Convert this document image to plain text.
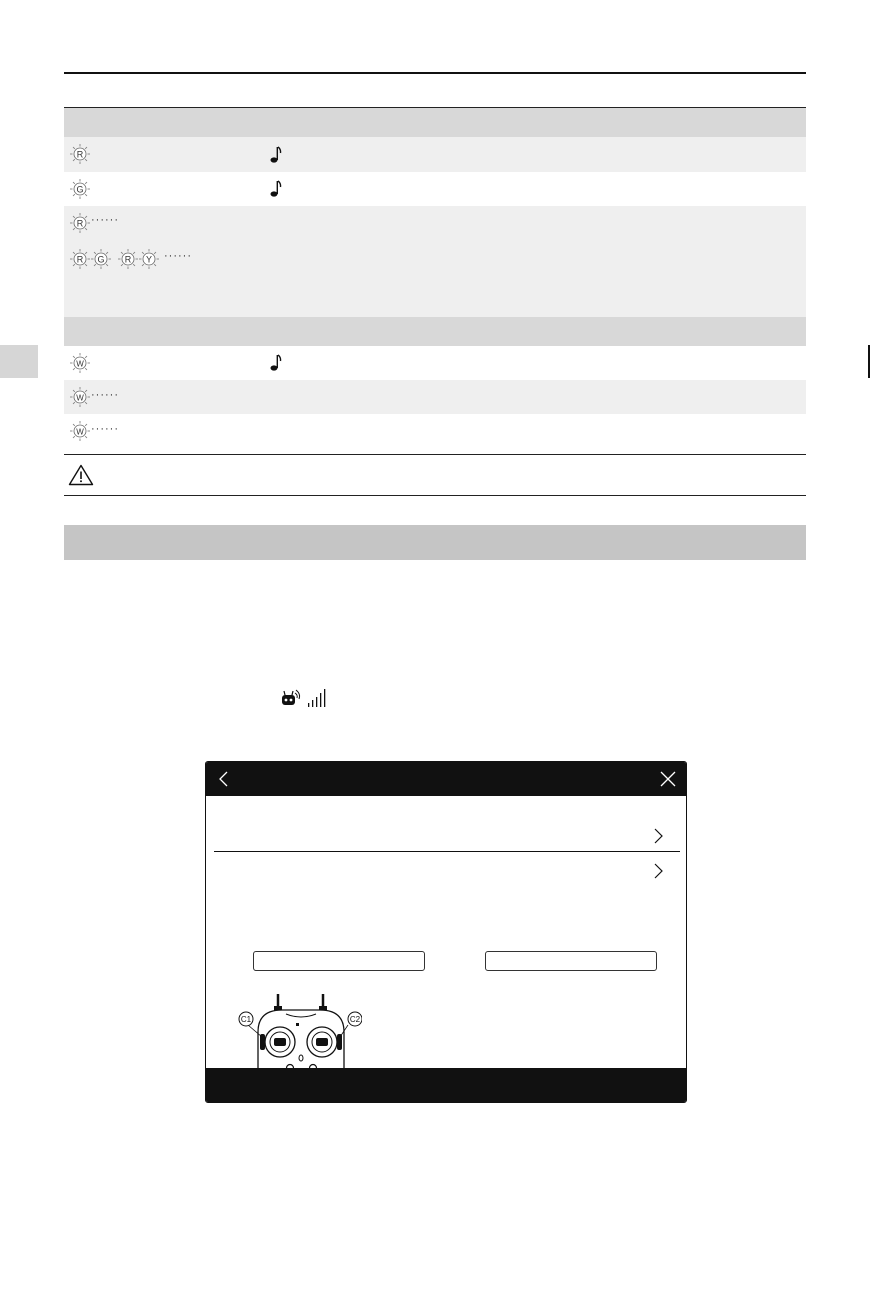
R
G
R ······
R G R Y ······
W
W ······
W ······
C1	C2
